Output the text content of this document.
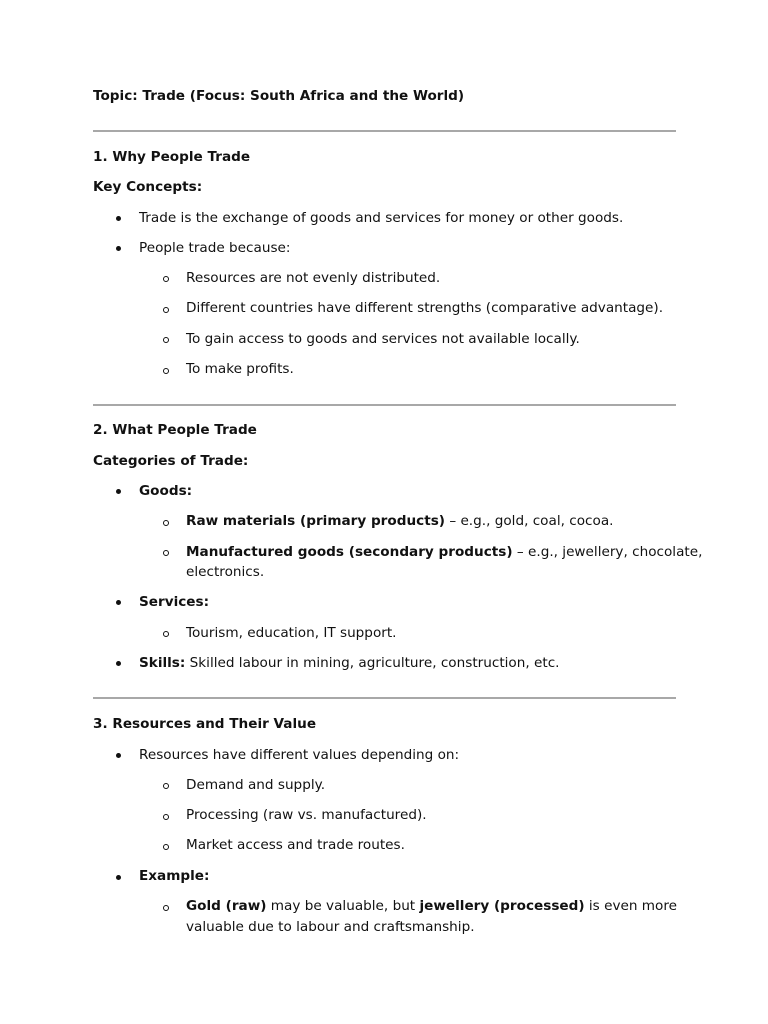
Topic: Trade (Focus: South Africa and the World)

1. Why People Trade

Key Concepts:

Trade is the exchange of goods and services for money or other goods.

People trade because:

Resources are not evenly distributed.

Different countries have different strengths (comparative advantage).

To gain access to goods and services not available locally.

To make profits.

2. What People Trade

Categories of Trade:

Goods:

Raw materials (primary products) – e.g., gold, coal, cocoa.

Manufactured goods (secondary products) – e.g., jewellery, chocolate,

electronics.

Services:

Tourism, education, IT support.

Skills: Skilled labour in mining, agriculture, construction, etc.

3. Resources and Their Value

Resources have different values depending on:

Demand and supply.

Processing (raw vs. manufactured).

Market access and trade routes.

Example:

Gold (raw) may be valuable, but jewellery (processed) is even more

valuable due to labour and craftsmanship.
